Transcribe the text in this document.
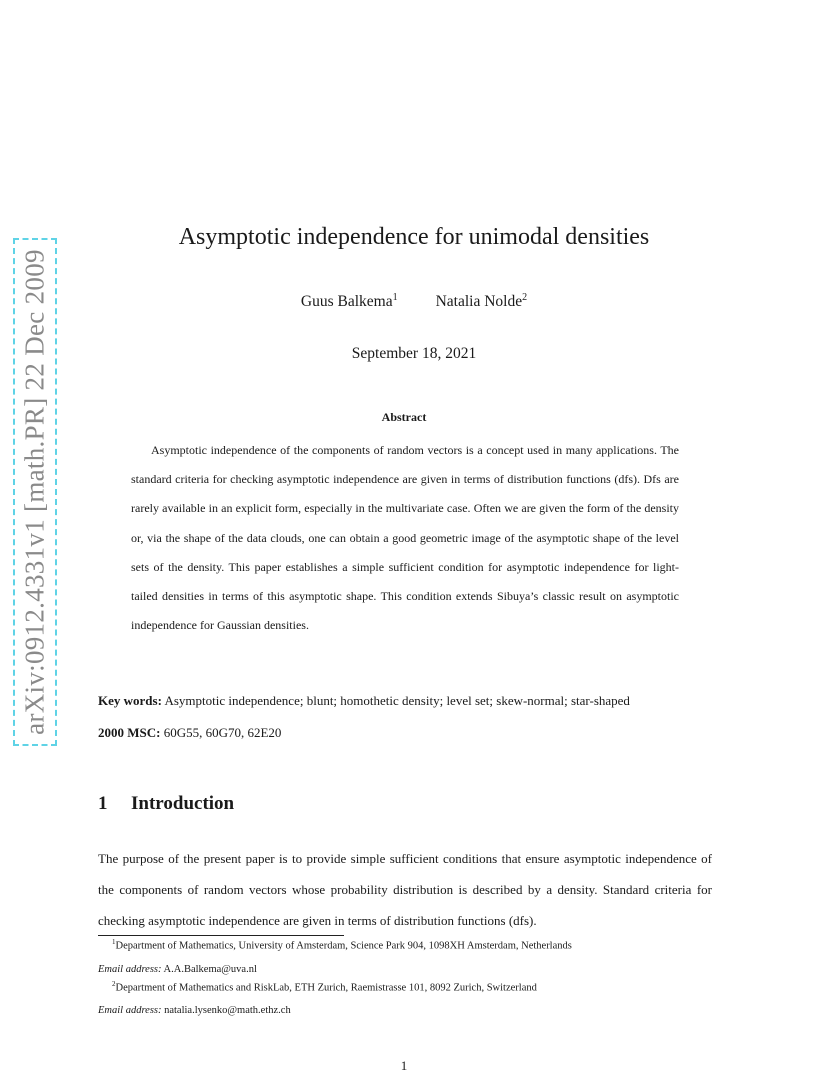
arXiv:0912.4331v1 [math.PR] 22 Dec 2009
Asymptotic independence for unimodal densities
Guus Balkema$^1$ Natalia Nolde$^2$
September 18, 2021
Abstract

Asymptotic independence of the components of random vectors is a concept used in many applications. The standard criteria for checking asymptotic independence are given in terms of distribution functions (dfs). Dfs are rarely available in an explicit form, especially in the multivariate case. Often we are given the form of the density or, via the shape of the data clouds, one can obtain a good geometric image of the asymptotic shape of the level sets of the density. This paper establishes a simple sufficient condition for asymptotic independence for light-tailed densities in terms of this asymptotic shape. This condition extends Sibuya’s classic result on asymptotic independence for Gaussian densities.

Key words: Asymptotic independence; blunt; homothetic density; level set; skew-normal; star-shaped
2000 MSC: 60G55, 60G70, 62E20
1 Introduction

The purpose of the present paper is to provide simple sufficient conditions that ensure asymptotic independence of the components of random vectors whose probability distribution is described by a density. Standard criteria for checking asymptotic independence are given in terms of distribution functions (dfs).

$^1$Department of Mathematics, University of Amsterdam, Science Park 904, 1098XH Amsterdam, Netherlands
Email address: A.A.Balkema@uva.nl
$^2$Department of Mathematics and RiskLab, ETH Zurich, Raemistrasse 101, 8092 Zurich, Switzerland
Email address: natalia.lysenko@math.ethz.ch
1
